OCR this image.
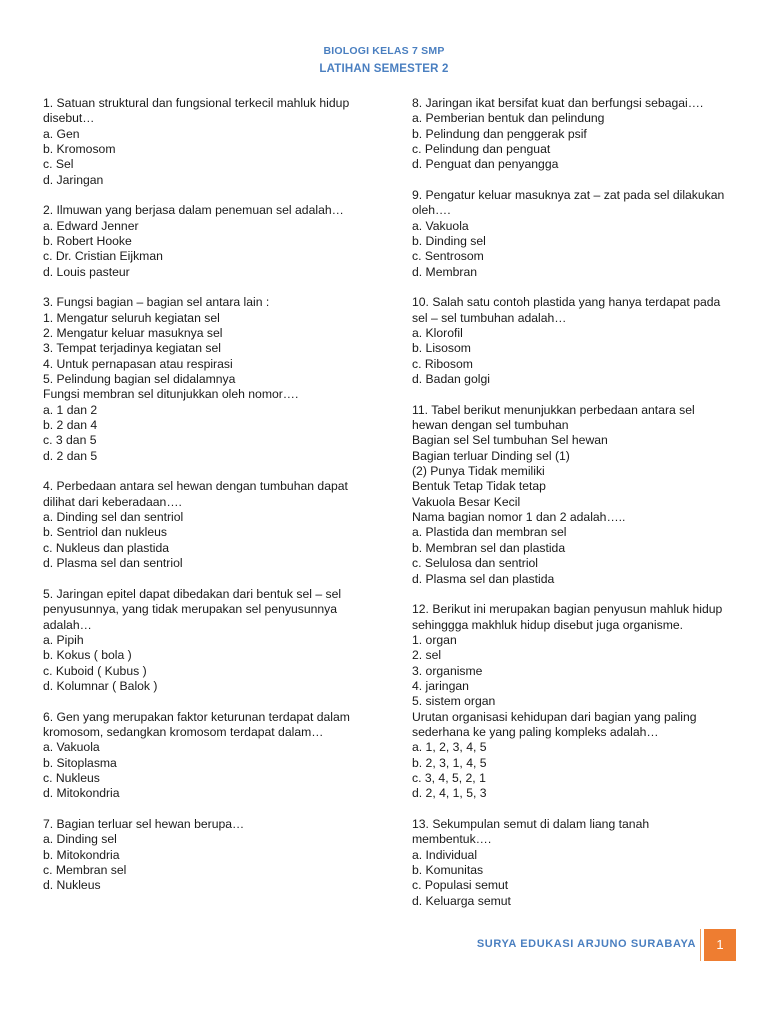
BIOLOGI KELAS 7 SMP
LATIHAN SEMESTER 2
1. Satuan struktural dan fungsional terkecil mahluk hidup
disebut…
a. Gen
b. Kromosom
c. Sel
d. Jaringan
2. Ilmuwan yang berjasa dalam penemuan sel adalah…
a. Edward Jenner
b. Robert Hooke
c. Dr. Cristian Eijkman
d. Louis pasteur
3. Fungsi bagian – bagian sel antara lain :
1. Mengatur seluruh kegiatan sel
2. Mengatur keluar masuknya sel
3. Tempat terjadinya kegiatan sel
4. Untuk pernapasan atau respirasi
5. Pelindung bagian sel didalamnya
Fungsi membran sel ditunjukkan oleh nomor….
a. 1 dan 2
b. 2 dan 4
c. 3 dan 5
d. 2 dan 5
4. Perbedaan antara sel hewan dengan tumbuhan dapat
dilihat dari keberadaan….
a. Dinding sel dan sentriol
b. Sentriol dan nukleus
c. Nukleus dan plastida
d. Plasma sel dan sentriol
5. Jaringan epitel dapat dibedakan dari bentuk sel – sel
penyusunnya, yang tidak merupakan sel penyusunnya
adalah…
a. Pipih
b. Kokus ( bola )
c. Kuboid ( Kubus )
d. Kolumnar ( Balok )
6. Gen yang merupakan faktor keturunan terdapat dalam
kromosom, sedangkan kromosom terdapat dalam…
a. Vakuola
b. Sitoplasma
c. Nukleus
d. Mitokondria
7. Bagian terluar sel hewan berupa…
a. Dinding sel
b. Mitokondria
c. Membran sel
d. Nukleus
8. Jaringan ikat bersifat kuat dan berfungsi sebagai….
a. Pemberian bentuk dan pelindung
b. Pelindung dan penggerak psif
c. Pelindung dan penguat
d. Penguat dan penyangga
9. Pengatur keluar masuknya zat – zat pada sel dilakukan
oleh….
a. Vakuola
b. Dinding sel
c. Sentrosom
d. Membran
10. Salah satu contoh plastida yang hanya terdapat pada
sel – sel tumbuhan adalah…
a. Klorofil
b. Lisosom
c. Ribosom
d. Badan golgi
11. Tabel berikut menunjukkan perbedaan antara sel
hewan dengan sel tumbuhan
Bagian sel Sel tumbuhan Sel hewan
Bagian terluar Dinding sel (1)
(2) Punya Tidak memiliki
Bentuk Tetap Tidak tetap
Vakuola Besar Kecil
Nama bagian nomor 1 dan 2 adalah…..
a. Plastida dan membran sel
b. Membran sel dan plastida
c. Selulosa dan sentriol
d. Plasma sel dan plastida
12. Berikut ini merupakan bagian penyusun mahluk hidup
sehinggga makhluk hidup disebut juga organisme.
1. organ
2. sel
3. organisme
4. jaringan
5. sistem organ
Urutan organisasi kehidupan dari bagian yang paling
sederhana ke yang paling kompleks adalah…
a. 1, 2, 3, 4, 5
b. 2, 3, 1, 4, 5
c. 3, 4, 5, 2, 1
d. 2, 4, 1, 5, 3
13. Sekumpulan semut di dalam liang tanah
membentuk….
a. Individual
b. Komunitas
c. Populasi semut
d. Keluarga semut
SURYA EDUKASI ARJUNO SURABAYA	1
